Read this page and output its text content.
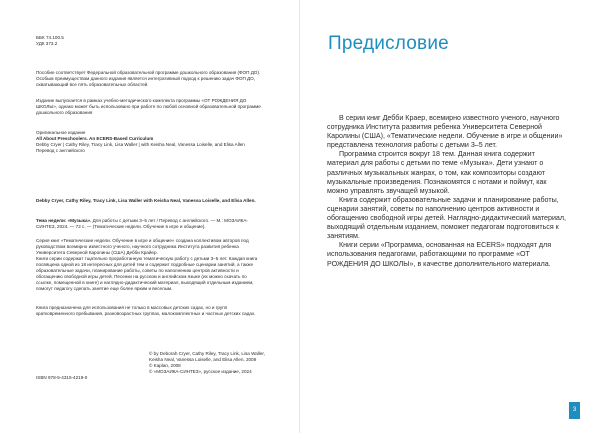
ББК 74.100.5
УДК 373.2
Пособие соответствует Федеральной образовательной программе дошкольного образования (ФОП ДО). Особым преимуществом данного издания является интегративный подход к решению задач ФОП ДО, охватывающий все пять образовательных областей.
Издание выпускается в рамках учебно-методического комплекта программы «ОТ РОЖДЕНИЯ ДО ШКОЛЫ», однако может быть использовано при работе по любой основной образовательной программе дошкольного образования
Оригинальное издание
All About Preschoolers. An ECERS-Based Curriculum
Debby Cryer | Cathy Riley, Tracy Link, Lisa Waller | with Keisha Neal, Vanessa Loiselle, and Elisa Allen
Перевод с английского
Debby Cryer, Cathy Riley, Tracy Link, Lisa Waller with Keisha Neal, Vanessa Loiselle, and Elisa Allen.
Тема недели: «Музыка». Для работы с детьми 3–5 лет / Перевод с английского. — М.: МОЗАИКА-СИНТЕЗ, 2024. — 72 с. — (Тематические недели. Обучение в игре и общение).
Серия книг «Тематические недели. Обучение в игре и общение» создана коллективом авторов под руководством всемирно известного ученого, научного сотрудника Института развития ребенка Университета Северной Каролины (США) Дебби Крайер.
Книги серии содержат тщательно проработанную тематическую работу с детьми 3–5 лет. Каждая книга посвящена одной из 18 интересных для детей тем и содержит подробные сценарии занятий, а также образовательные задачи, планирование работы, советы по наполнению центров активности и обогащению свободной игры детей. Песенки на русском и английском языке (их можно скачать по ссылке, помещенной в книге) и наглядно-дидактический материал, выходящий отдельным изданием, помогут педагогу сделать занятие еще более ярким и веселым.
Книга предназначена для использования не только в массовых детских садах, но и групп кратковременного пребывания, разновозрастных группах, малокомплектных и частных детских садах.
© by Deborah Cryer, Cathy Riley, Tracy Link, Lisa Waller, Keisha Neal, Vanessa Loiselle, and Elisa Allen, 2008
© Kaplan, 2008
© «МОЗАИКА-СИНТЕЗ», русское издание, 2024
ISBN 978-5-4315-4219-0
Предисловие

В серии книг Дебби Краер, всемирно известного ученого, научного сотрудника Института развития ребенка Университета Северной Каролины (США), «Тематические недели. Обучение в игре и общении» представлена технология работы с детьми 3–5 лет.

Программа строится вокруг 18 тем. Данная книга содержит материал для работы с детьми по теме «Музыка». Дети узнают о различных музыкальных жанрах, о том, как композиторы создают музыкальные произведения. Познакомятся с нотами и поймут, как можно управлять звучащей музыкой.

Книга содержит образовательные задачи и планирование работы, сценарии занятий, советы по наполнению центров активности и обогащению свободной игры детей. Наглядно-дидактический материал, выходящий отдельным изданием, поможет педагогам подготовиться к занятиям.

Книги серии «Программа, основанная на ECERS» подходят для использования педагогами, работающими по программе «ОТ РОЖДЕНИЯ ДО ШКОЛЫ», в качестве дополнительного материала.

3
